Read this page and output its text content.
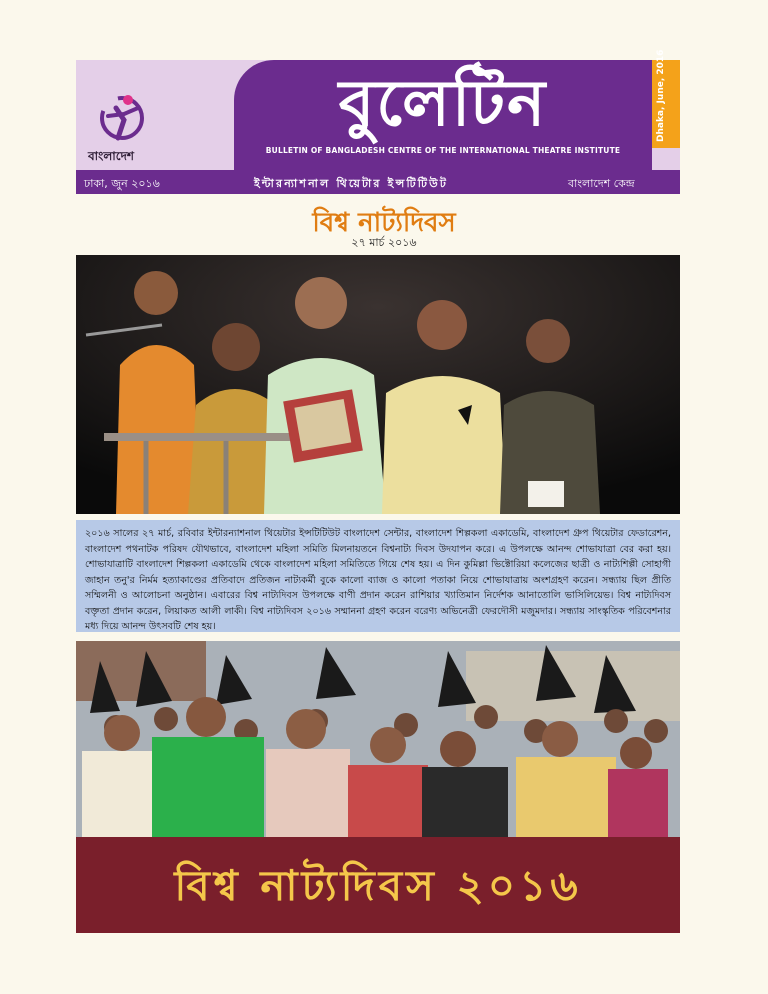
বাংলাদেশ
বুলেটিন
BULLETIN OF BANGLADESH CENTRE OF THE INTERNATIONAL THEATRE INSTITUTE
Dhaka, June, 2016
ঢাকা, জুন ২০১৬	ইন্টারন্যাশনাল থিয়েটার ইন্সটিটিউট	বাংলাদেশ কেন্দ্র
বিশ্ব নাট্যদিবস
২৭ মার্চ ২০১৬
২০১৬ সালের ২৭ মার্চ, রবিবার ইন্টারন্যাশনাল থিয়েটার ইন্সটিটিউট বাংলাদেশ সেন্টার, বাংলাদেশ শিল্পকলা একাডেমি, বাংলাদেশ গ্রুপ থিয়েটার ফেডারেশন, বাংলাদেশ পথনাটক পরিষদ যৌথভাবে, বাংলাদেশ মহিলা সমিতি মিলনায়তনে বিশ্বনাট্য দিবস উদযাপন করে। এ উপলক্ষে আনন্দ শোভাযাত্রা বের করা হয়। শোভাযাত্রাটি বাংলাদেশ শিল্পকলা একাডেমি থেকে বাংলাদেশ মহিলা সমিতিতে গিয়ে শেষ হয়। এ দিন কুমিল্লা ভিক্টোরিয়া কলেজের ছাত্রী ও নাট্যশিল্পী সোহাগী জাহান তনু'র নির্মম হত্যাকাণ্ডের প্রতিবাদে প্রতিজন নাট্যকর্মী বুকে কালো ব্যাজ ও কালো পতাকা নিয়ে শোভাযাত্রায় অংশগ্রহণ করেন। সন্ধ্যায় ছিল প্রীতি সম্মিলনী ও আলোচনা অনুষ্ঠান। এবারের বিশ্ব নাট্যদিবস উপলক্ষে বাণী প্রদান করেন রাশিয়ার খ্যাতিমান নির্দেশক আনাতোলি ভাসিলিয়েভ। বিশ্ব নাট্যদিবস বক্তৃতা প্রদান করেন, লিয়াকত আলী লাকী। বিশ্ব নাট্যদিবস ২০১৬ সম্মাননা গ্রহণ করেন বরেণ্য অভিনেত্রী ফেরদৌসী মজুমদার। সন্ধ্যায় সাংস্কৃতিক পরিবেশনার মধ্য দিয়ে আনন্দ উৎসবটি শেষ হয়।
বিশ্ব নাট্যদিবস ২০১৬
